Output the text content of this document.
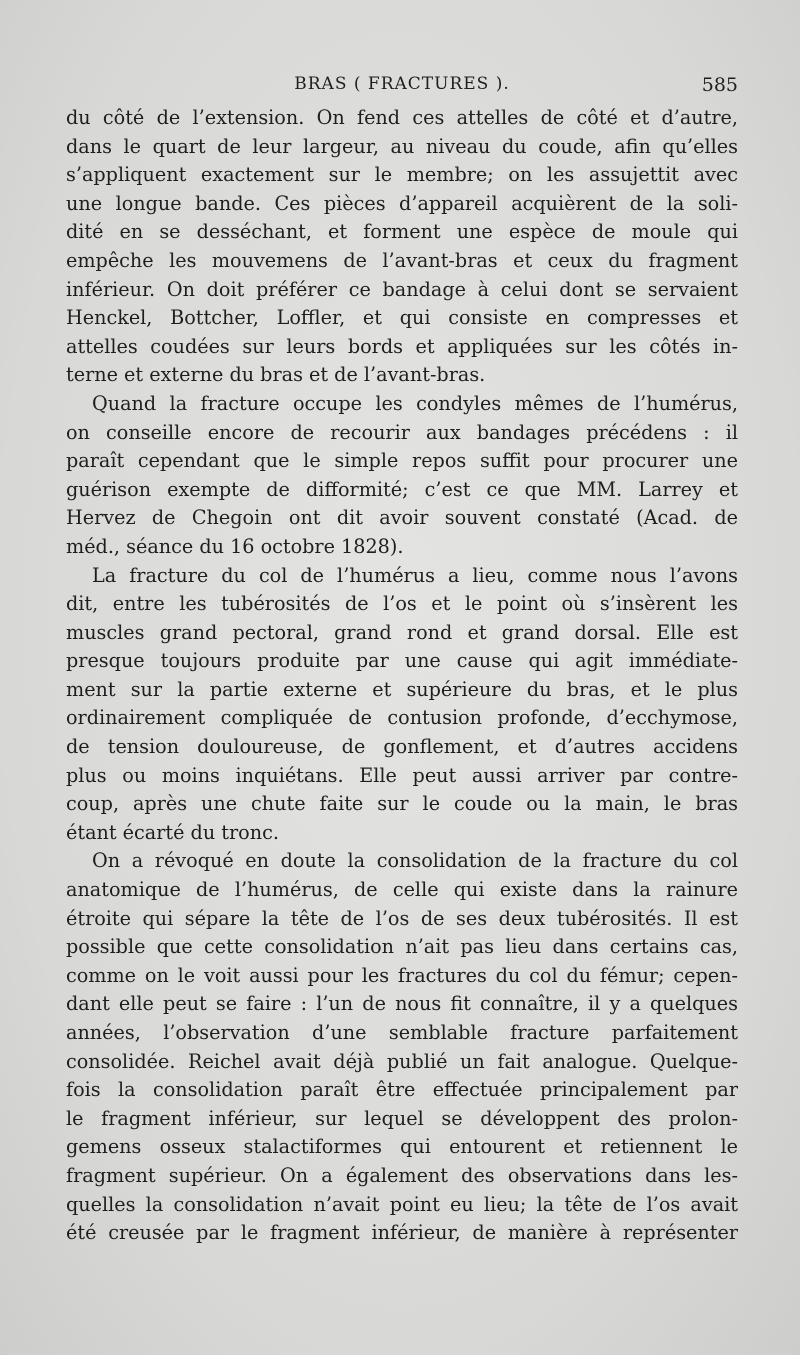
BRAS ( FRACTURES ).	585
du côté de l’extension. On fend ces attelles de côté et d’autre,
dans le quart de leur largeur, au niveau du coude, afin qu’elles
s’appliquent exactement sur le membre; on les assujettit avec
une longue bande. Ces pièces d’appareil acquièrent de la soli-
dité en se desséchant, et forment une espèce de moule qui
empêche les mouvemens de l’avant-bras et ceux du fragment
inférieur. On doit préférer ce bandage à celui dont se servaient
Henckel, Bottcher, Loffler, et qui consiste en compresses et
attelles coudées sur leurs bords et appliquées sur les côtés in-
terne et externe du bras et de l’avant-bras.
Quand la fracture occupe les condyles mêmes de l’humérus,
on conseille encore de recourir aux bandages précédens : il
paraît cependant que le simple repos suffit pour procurer une
guérison exempte de difformité; c’est ce que MM. Larrey et
Hervez de Chegoin ont dit avoir souvent constaté (Acad. de
méd., séance du 16 octobre 1828).
La fracture du col de l’humérus a lieu, comme nous l’avons
dit, entre les tubérosités de l’os et le point où s’insèrent les
muscles grand pectoral, grand rond et grand dorsal. Elle est
presque toujours produite par une cause qui agit immédiate-
ment sur la partie externe et supérieure du bras, et le plus
ordinairement compliquée de contusion profonde, d’ecchymose,
de tension douloureuse, de gonflement, et d’autres accidens
plus ou moins inquiétans. Elle peut aussi arriver par contre-
coup, après une chute faite sur le coude ou la main, le bras
étant écarté du tronc.
On a révoqué en doute la consolidation de la fracture du col
anatomique de l’humérus, de celle qui existe dans la rainure
étroite qui sépare la tête de l’os de ses deux tubérosités. Il est
possible que cette consolidation n’ait pas lieu dans certains cas,
comme on le voit aussi pour les fractures du col du fémur; cepen-
dant elle peut se faire : l’un de nous fit connaître, il y a quelques
années, l’observation d’une semblable fracture parfaitement
consolidée. Reichel avait déjà publié un fait analogue. Quelque-
fois la consolidation paraît être effectuée principalement par
le fragment inférieur, sur lequel se développent des prolon-
gemens osseux stalactiformes qui entourent et retiennent le
fragment supérieur. On a également des observations dans les-
quelles la consolidation n’avait point eu lieu; la tête de l’os avait
été creusée par le fragment inférieur, de manière à représenter
